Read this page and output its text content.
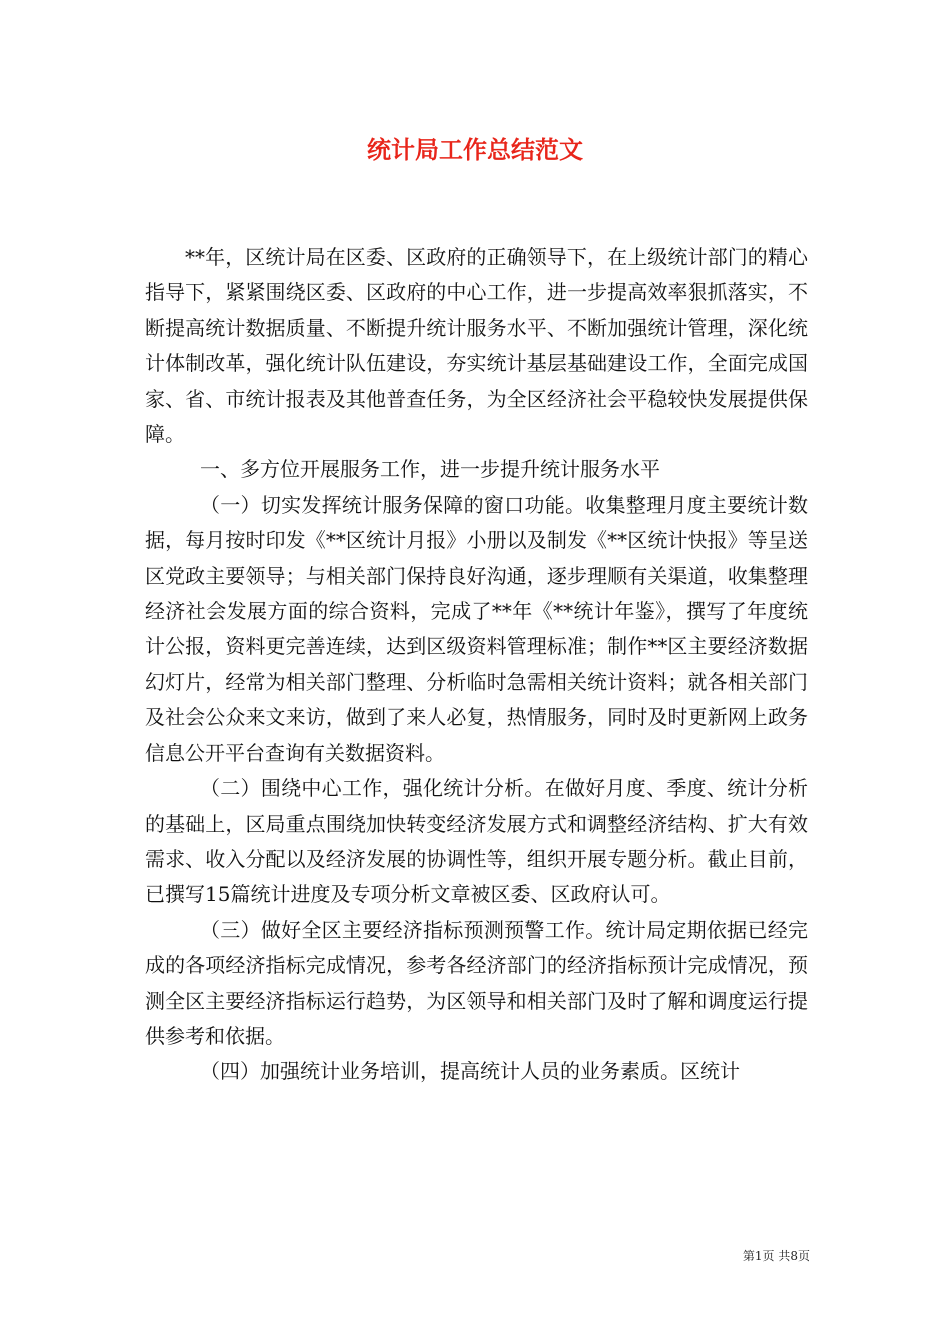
统计局工作总结范文

**年，区统计局在区委、区政府的正确领导下，在上级统计部门的精心指导下，紧紧围绕区委、区政府的中心工作，进一步提高效率狠抓落实，不断提高统计数据质量、不断提升统计服务水平、不断加强统计管理，深化统计体制改革，强化统计队伍建设，夯实统计基层基础建设工作，全面完成国家、省、市统计报表及其他普查任务，为全区经济社会平稳较快发展提供保障。

一、多方位开展服务工作，进一步提升统计服务水平

（一）切实发挥统计服务保障的窗口功能。收集整理月度主要统计数据，每月按时印发《**区统计月报》小册以及制发《**区统计快报》等呈送区党政主要领导；与相关部门保持良好沟通，逐步理顺有关渠道，收集整理经济社会发展方面的综合资料，完成了**年《**统计年鉴》，撰写了年度统计公报，资料更完善连续，达到区级资料管理标准；制作**区主要经济数据幻灯片，经常为相关部门整理、分析临时急需相关统计资料；就各相关部门及社会公众来文来访，做到了来人必复，热情服务，同时及时更新网上政务信息公开平台查询有关数据资料。

（二）围绕中心工作，强化统计分析。在做好月度、季度、统计分析的基础上，区局重点围绕加快转变经济发展方式和调整经济结构、扩大有效需求、收入分配以及经济发展的协调性等，组织开展专题分析。截止目前，已撰写15篇统计进度及专项分析文章被区委、区政府认可。

（三）做好全区主要经济指标预测预警工作。统计局定期依据已经完成的各项经济指标完成情况，参考各经济部门的经济指标预计完成情况，预测全区主要经济指标运行趋势，为区领导和相关部门及时了解和调度运行提供参考和依据。

（四）加强统计业务培训，提高统计人员的业务素质。区统计

第1页 共8页
